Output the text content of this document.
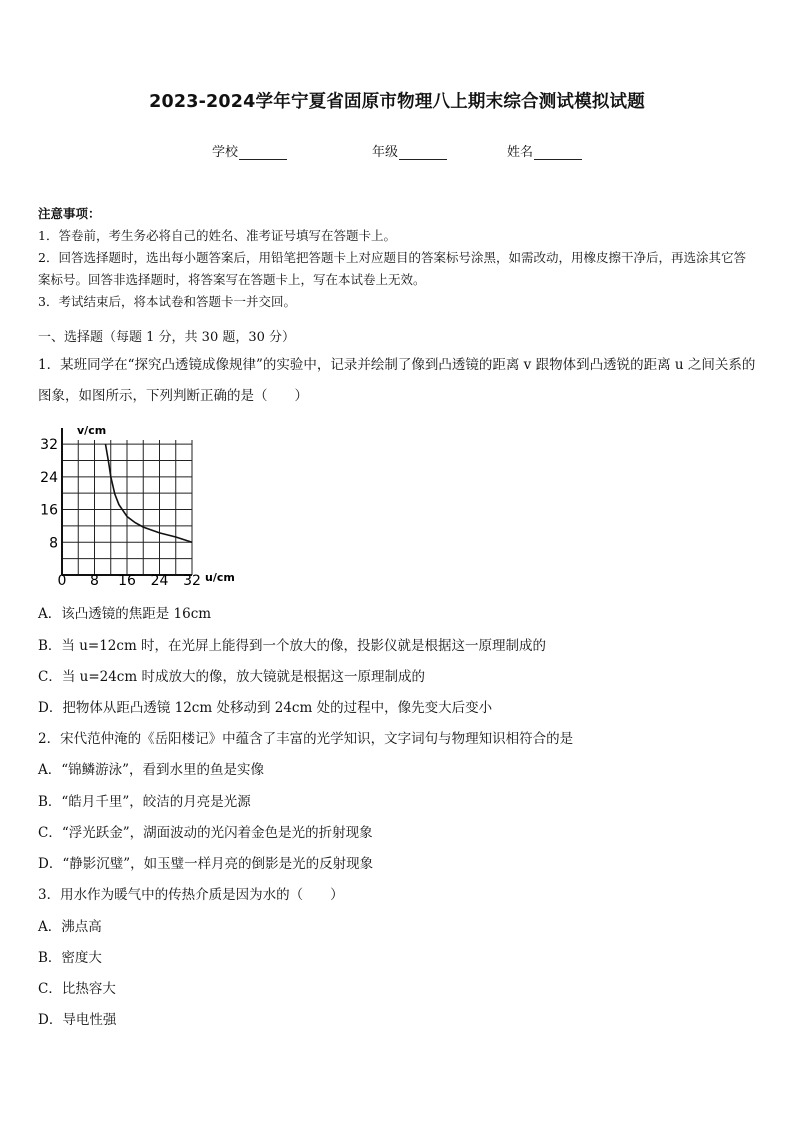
2023-2024学年宁夏省固原市物理八上期末综合测试模拟试题
学校	年级	姓名

注意事项：

1．答卷前，考生务必将自己的姓名、准考证号填写在答题卡上。

2．回答选择题时，选出每小题答案后，用铅笔把答题卡上对应题目的答案标号涂黑，如需改动，用橡皮擦干净后，再选涂其它答案标号。回答非选择题时，将答案写在答题卡上，写在本试卷上无效。

3．考试结束后，将本试卷和答题卡一并交回。

一、选择题（每题 1 分，共 30 题，30 分）
1．某班同学在“探究凸透镜成像规律”的实验中，记录并绘制了像到凸透镜的距离 v 跟物体到凸透锐的距离 u 之间关系的图象，如图所示，下列判断正确的是（　　）
8
16
24
32
0 8 16 24 32
v/cm
u/cm
A．该凸透镜的焦距是 16cm
B．当 u=12cm 时，在光屏上能得到一个放大的像，投影仪就是根据这一原理制成的
C．当 u=24cm 时成放大的像，放大镜就是根据这一原理制成的
D．把物体从距凸透镜 12cm 处移动到 24cm 处的过程中，像先变大后变小
2．宋代范仲淹的《岳阳楼记》中蕴含了丰富的光学知识，文字词句与物理知识相符合的是
A．“锦鳞游泳”，看到水里的鱼是实像
B．“皓月千里”，皎洁的月亮是光源
C．“浮光跃金”，湖面波动的光闪着金色是光的折射现象
D．“静影沉璧”，如玉璧一样月亮的倒影是光的反射现象
3．用水作为暖气中的传热介质是因为水的（　　）
A．沸点高
B．密度大
C．比热容大
D．导电性强
